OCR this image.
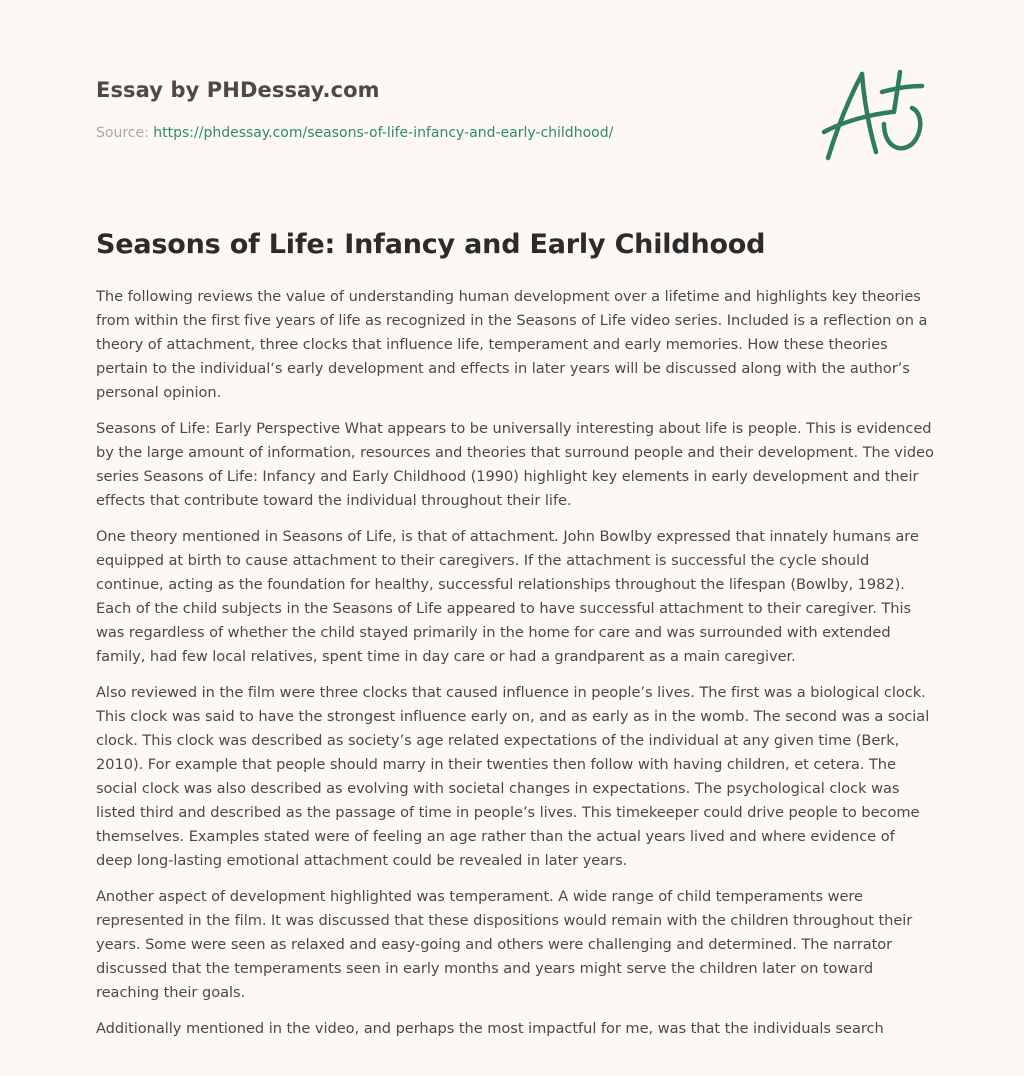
Essay by PHDessay.com
Source: https://phdessay.com/seasons-of-life-infancy-and-early-childhood/
Seasons of Life: Infancy and Early Childhood

The following reviews the value of understanding human development over a lifetime and highlights key theories from within the first five years of life as recognized in the Seasons of Life video series. Included is a reflection on a theory of attachment, three clocks that influence life, temperament and early memories. How these theories pertain to the individual‘s early development and effects in later years will be discussed along with the author’s personal opinion.

Seasons of Life: Early Perspective What appears to be universally interesting about life is people. This is evidenced by the large amount of information, resources and theories that surround people and their development. The video series Seasons of Life: Infancy and Early Childhood (1990) highlight key elements in early development and their effects that contribute toward the individual throughout their life.

One theory mentioned in Seasons of Life, is that of attachment. John Bowlby expressed that innately humans are equipped at birth to cause attachment to their caregivers. If the attachment is successful the cycle should continue, acting as the foundation for healthy, successful relationships throughout the lifespan (Bowlby, 1982). Each of the child subjects in the Seasons of Life appeared to have successful attachment to their caregiver. This was regardless of whether the child stayed primarily in the home for care and was surrounded with extended family, had few local relatives, spent time in day care or had a grandparent as a main caregiver.

Also reviewed in the film were three clocks that caused influence in people’s lives. The first was a biological clock. This clock was said to have the strongest influence early on, and as early as in the womb. The second was a social clock. This clock was described as society’s age related expectations of the individual at any given time (Berk, 2010). For example that people should marry in their twenties then follow with having children, et cetera. The social clock was also described as evolving with societal changes in expectations. The psychological clock was listed third and described as the passage of time in people’s lives. This timekeeper could drive people to become themselves. Examples stated were of feeling an age rather than the actual years lived and where evidence of deep long-lasting emotional attachment could be revealed in later years.

Another aspect of development highlighted was temperament. A wide range of child temperaments were represented in the film. It was discussed that these dispositions would remain with the children throughout their years. Some were seen as relaxed and easy-going and others were challenging and determined. The narrator discussed that the temperaments seen in early months and years might serve the children later on toward reaching their goals.

Additionally mentioned in the video, and perhaps the most impactful for me, was that the individuals search
